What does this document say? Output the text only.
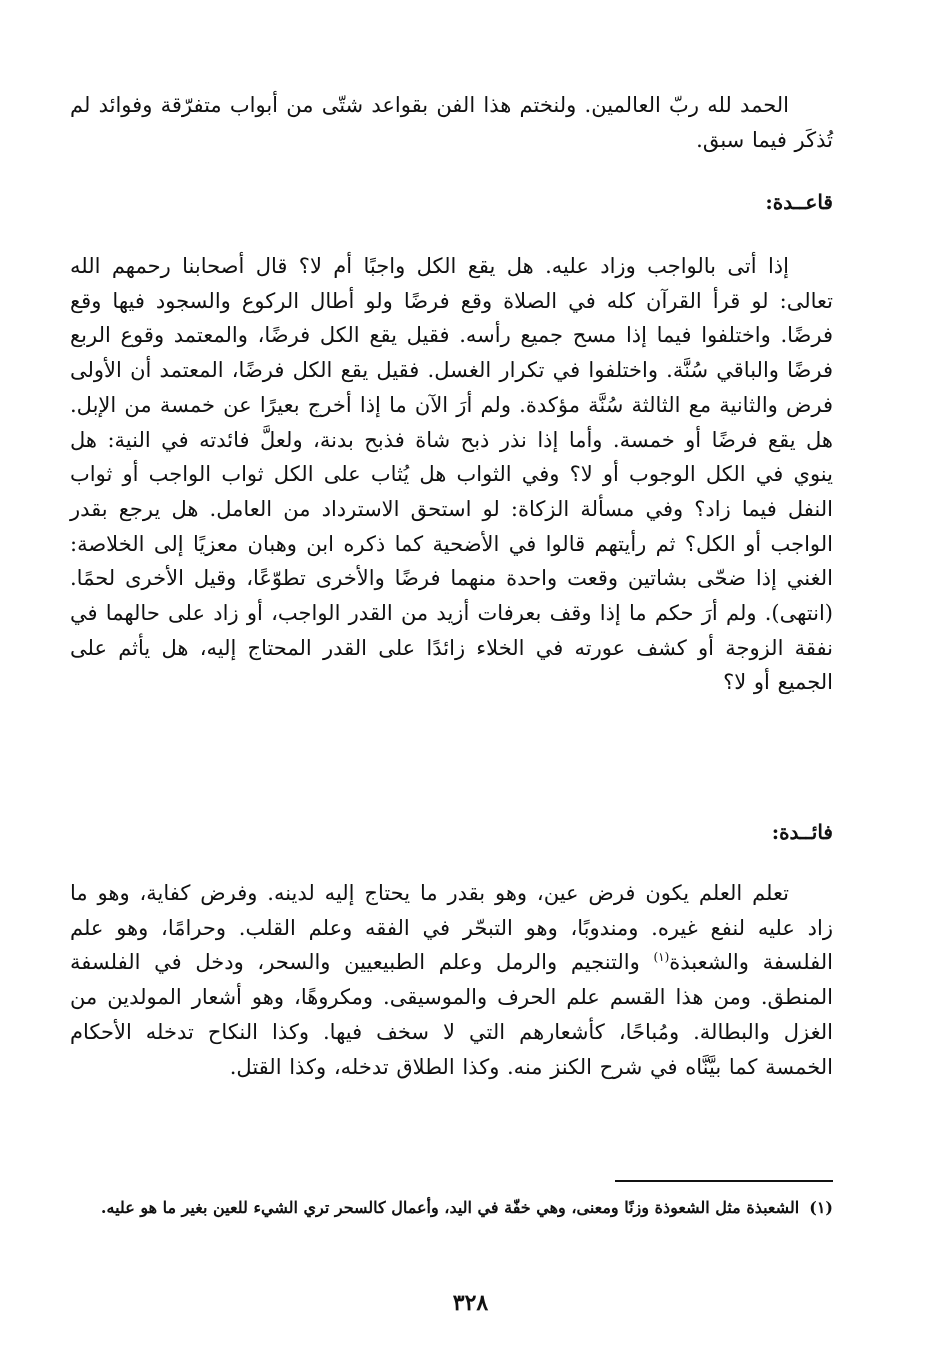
الحمد لله ربّ العالمين. ولنختم هذا الفن بقواعد شتّى من أبواب متفرّقة وفوائد لم تُذكَر فيما سبق.

قاعــدة:

إذا أتى بالواجب وزاد عليه. هل يقع الكل واجبًا أم لا؟ قال أصحابنا رحمهم الله تعالى: لو قرأ القرآن كله في الصلاة وقع فرضًا ولو أطال الركوع والسجود فيها وقع فرضًا. واختلفوا فيما إذا مسح جميع رأسه. فقيل يقع الكل فرضًا، والمعتمد وقوع الربع فرضًا والباقي سُنَّة. واختلفوا في تكرار الغسل. فقيل يقع الكل فرضًا، المعتمد أن الأولى فرض والثانية مع الثالثة سُنَّة مؤكدة. ولم أرَ الآن ما إذا أخرج بعيرًا عن خمسة من الإبل. هل يقع فرضًا أو خمسة. وأما إذا نذر ذبح شاة فذبح بدنة، ولعلَّ فائدته في النية: هل ينوي في الكل الوجوب أو لا؟ وفي الثواب هل يُثاب على الكل ثواب الواجب أو ثواب النفل فيما زاد؟ وفي مسألة الزكاة: لو استحق الاسترداد من العامل. هل يرجع بقدر الواجب أو الكل؟ ثم رأيتهم قالوا في الأضحية كما ذكره ابن وهبان معزيًا إلى الخلاصة: الغني إذا ضحّى بشاتين وقعت واحدة منهما فرضًا والأخرى تطوّعًا، وقيل الأخرى لحمًا. (انتهى). ولم أرَ حكم ما إذا وقف بعرفات أزيد من القدر الواجب، أو زاد على حالهما في نفقة الزوجة أو كشف عورته في الخلاء زائدًا على القدر المحتاج إليه، هل يأثم على الجميع أو لا؟

فائــدة:

تعلم العلم يكون فرض عين، وهو بقدر ما يحتاج إليه لدينه. وفرض كفاية، وهو ما زاد عليه لنفع غيره. ومندوبًا، وهو التبحّر في الفقه وعلم القلب. وحرامًا، وهو علم الفلسفة والشعبذة$^{(١)}$ والتنجيم والرمل وعلم الطبيعيين والسحر، ودخل في الفلسفة المنطق. ومن هذا القسم علم الحرف والموسيقى. ومكروهًا، وهو أشعار المولدين من الغزل والبطالة. ومُباحًا، كأشعارهم التي لا سخف فيها. وكذا النكاح تدخله الأحكام الخمسة كما بيَّنَّاه في شرح الكنز منه. وكذا الطلاق تدخله، وكذا القتل.

(١)الشعبذة مثل الشعوذة وزنًا ومعنى، وهي خفّة في اليد، وأعمال كالسحر تري الشيء للعين بغير ما هو عليه.

٣٢٨
